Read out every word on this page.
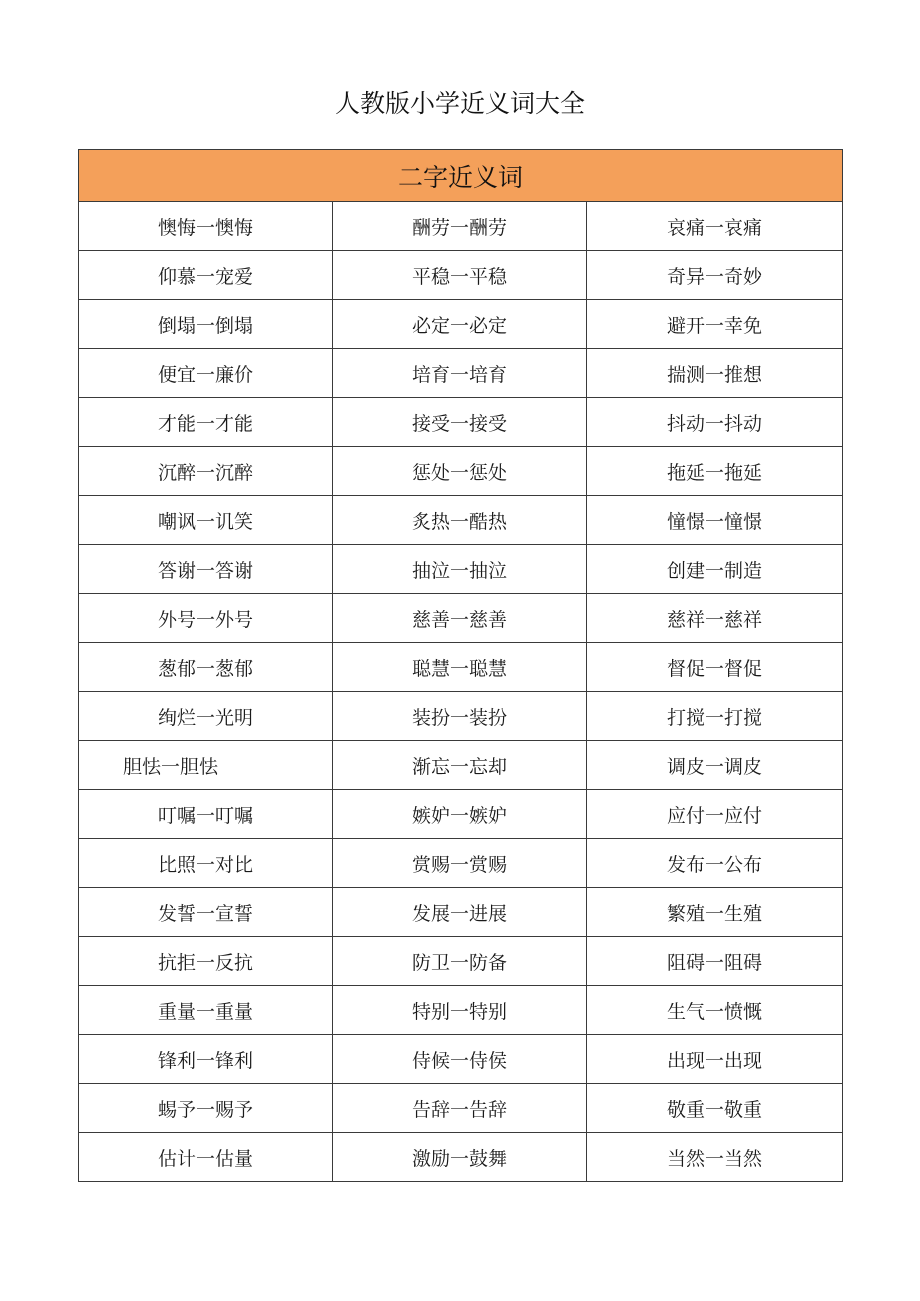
人教版小学近义词大全
二字近义词		
懊悔一懊悔	酬劳一酬劳	哀痛一哀痛
仰慕一宠爱	平稳一平稳	奇异一奇妙
倒塌一倒塌	必定一必定	避开一幸免
便宜一廉价	培育一培育	揣测一推想
才能一才能	接受一接受	抖动一抖动
沉醉一沉醉	惩处一惩处	拖延一拖延
嘲讽一讥笑	炙热一酷热	憧憬一憧憬
答谢一答谢	抽泣一抽泣	创建一制造
外号一外号	慈善一慈善	慈祥一慈祥
葱郁一葱郁	聪慧一聪慧	督促一督促
绚烂一光明	装扮一装扮	打搅一打搅
胆怯一胆怯	渐忘一忘却	调皮一调皮
叮嘱一叮嘱	嫉妒一嫉妒	应付一应付
比照一对比	赏赐一赏赐	发布一公布
发誓一宣誓	发展一进展	繁殖一生殖
抗拒一反抗	防卫一防备	阻碍一阻碍
重量一重量	特别一特别	生气一愤慨
锋利一锋利	侍候一侍侯	出现一出现
蜴予一赐予	告辞一告辞	敬重一敬重
估计一估量	激励一鼓舞	当然一当然
